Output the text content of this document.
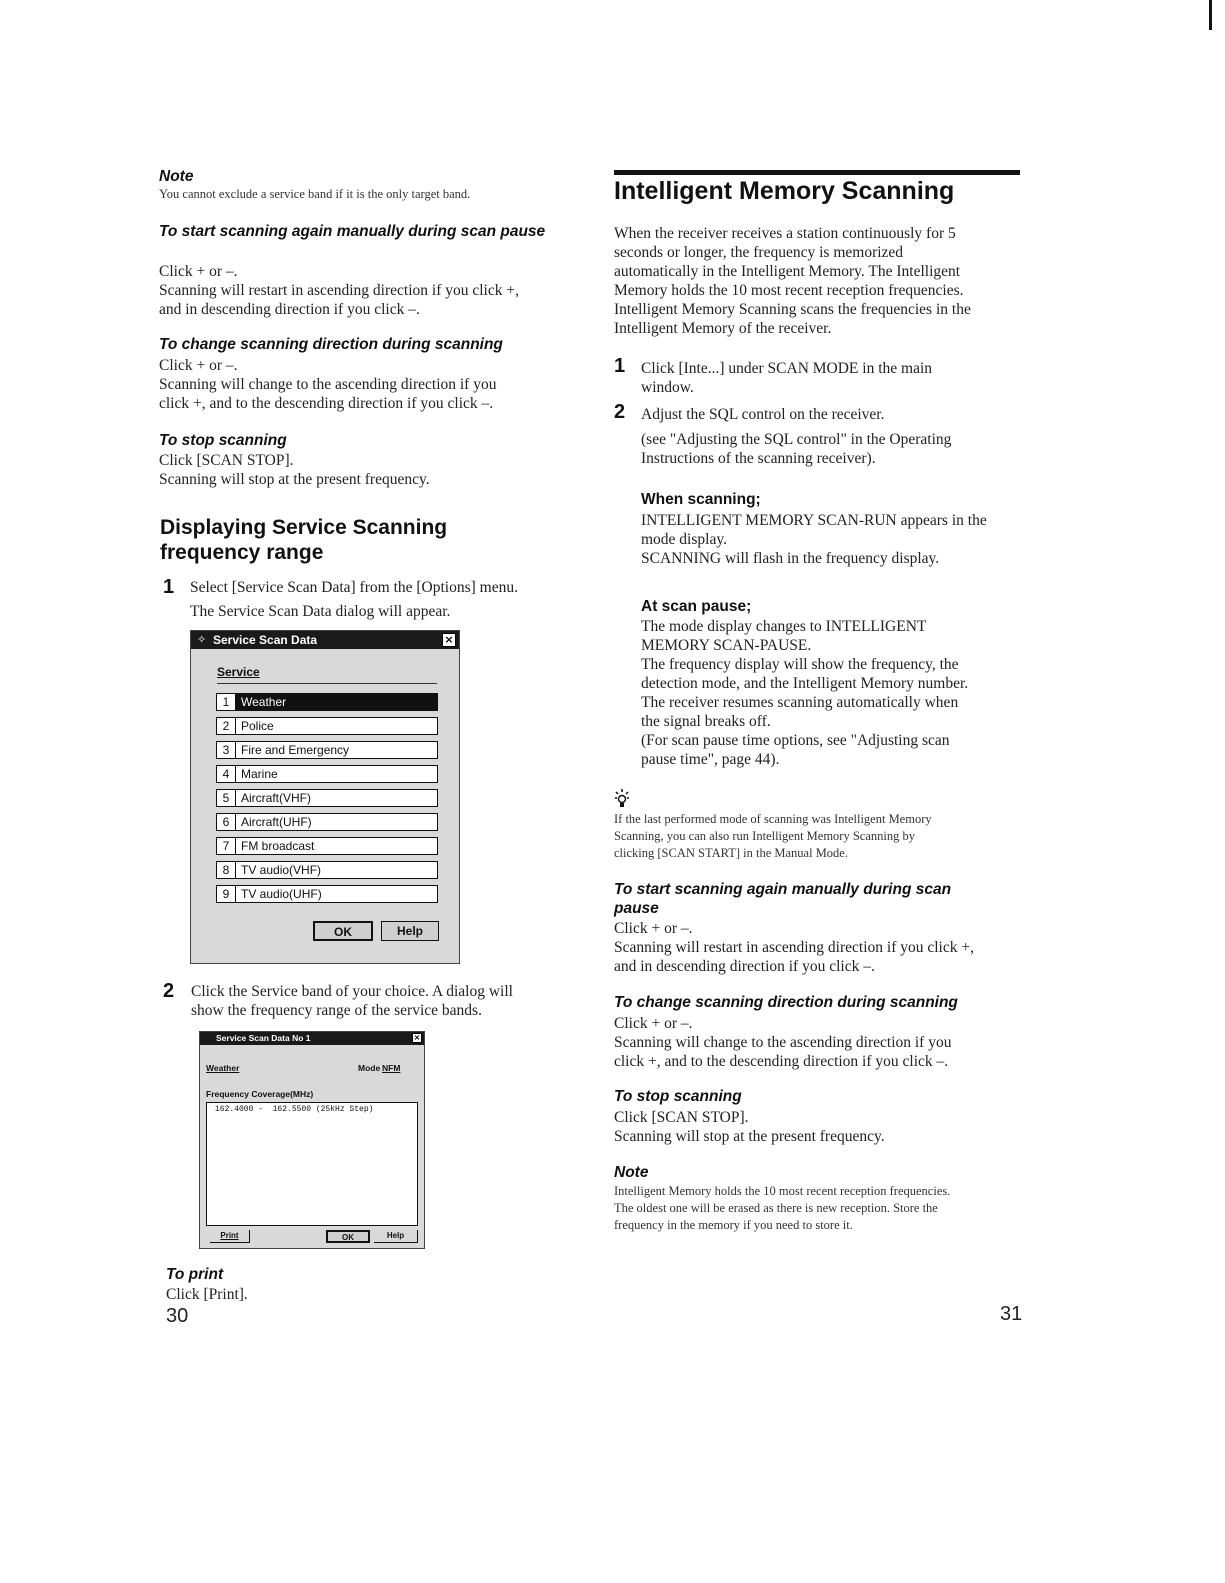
Note
You cannot exclude a service band if it is the only target band.
To start scanning again manually during scan pause
Click + or –.
Scanning will restart in ascending direction if you click +,
and in descending direction if you click –.
To change scanning direction during scanning
Click + or –.
Scanning will change to the ascending direction if you
click +, and to the descending direction if you click –.
To stop scanning
Click [SCAN STOP].
Scanning will stop at the present frequency.
Displaying Service Scanning
frequency range
1 Select [Service Scan Data] from the [Options] menu.
The Service Scan Data dialog will appear.
✧ Service Scan Data	×
Service
1 Weather
2 Police
3 Fire and Emergency
4 Marine
5 Aircraft(VHF)
6 Aircraft(UHF)
7 FM broadcast
8 TV audio(VHF)
9 TV audio(UHF)
OK	Help
2 Click the Service band of your choice. A dialog will
show the frequency range of the service bands.
Service Scan Data No 1	×
Weather	Mode NFM
Frequency Coverage(MHz)
162.4000 -  162.5500 (25kHz Step)
Print	OK	Help
To print
Click [Print].
30
Intelligent Memory Scanning
When the receiver receives a station continuously for 5
seconds or longer, the frequency is memorized
automatically in the Intelligent Memory. The Intelligent
Memory holds the 10 most recent reception frequencies.
Intelligent Memory Scanning scans the frequencies in the
Intelligent Memory of the receiver.
1 Click [Inte...] under SCAN MODE in the main
window.
2 Adjust the SQL control on the receiver.
(see "Adjusting the SQL control" in the Operating
Instructions of the scanning receiver).
When scanning;
INTELLIGENT MEMORY SCAN-RUN appears in the
mode display.
SCANNING will flash in the frequency display.
At scan pause;
The mode display changes to INTELLIGENT
MEMORY SCAN-PAUSE.
The frequency display will show the frequency, the
detection mode, and the Intelligent Memory number.
The receiver resumes scanning automatically when
the signal breaks off.
(For scan pause time options, see "Adjusting scan
pause time", page 44).
If the last performed mode of scanning was Intelligent Memory
Scanning, you can also run Intelligent Memory Scanning by
clicking [SCAN START] in the Manual Mode.
To start scanning again manually during scan
pause
Click + or –.
Scanning will restart in ascending direction if you click +,
and in descending direction if you click –.
To change scanning direction during scanning
Click + or –.
Scanning will change to the ascending direction if you
click +, and to the descending direction if you click –.
To stop scanning
Click [SCAN STOP].
Scanning will stop at the present frequency.
Note
Intelligent Memory holds the 10 most recent reception frequencies.
The oldest one will be erased as there is new reception. Store the
frequency in the memory if you need to store it.
31
